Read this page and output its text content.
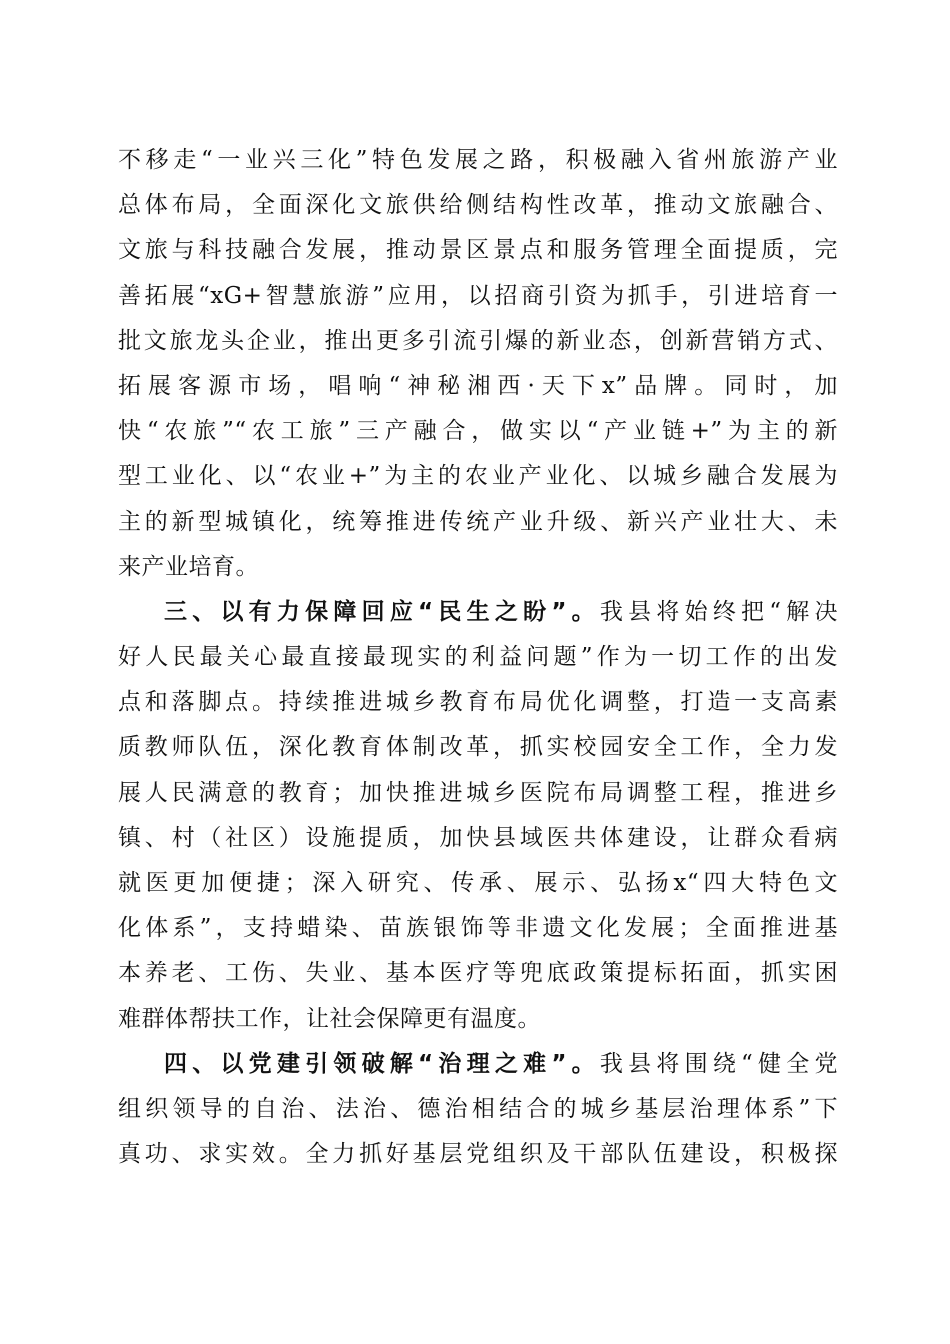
不移走“一业兴三化”特色发展之路，积极融入省州旅游产业
总体布局，全面深化文旅供给侧结构性改革，推动文旅融合、
文旅与科技融合发展，推动景区景点和服务管理全面提质，完
善拓展“xG+智慧旅游”应用，以招商引资为抓手，引进培育一
批文旅龙头企业，推出更多引流引爆的新业态，创新营销方式、
拓展客源市场，唱响“神秘湘西·天下x”品牌。同时，加
快“农旅”“农工旅”三产融合，做实以“产业链+”为主的新
型工业化、以“农业+”为主的农业产业化、以城乡融合发展为
主的新型城镇化，统筹推进传统产业升级、新兴产业壮大、未
来产业培育。
三、以有力保障回应“民生之盼”。我县将始终把“解决
好人民最关心最直接最现实的利益问题”作为一切工作的出发
点和落脚点。持续推进城乡教育布局优化调整，打造一支高素
质教师队伍，深化教育体制改革，抓实校园安全工作，全力发
展人民满意的教育；加快推进城乡医院布局调整工程，推进乡
镇、村（社区）设施提质，加快县域医共体建设，让群众看病
就医更加便捷；深入研究、传承、展示、弘扬x“四大特色文
化体系”，支持蜡染、苗族银饰等非遗文化发展；全面推进基
本养老、工伤、失业、基本医疗等兜底政策提标拓面，抓实困
难群体帮扶工作，让社会保障更有温度。
四、以党建引领破解“治理之难”。我县将围绕“健全党
组织领导的自治、法治、德治相结合的城乡基层治理体系”下
真功、求实效。全力抓好基层党组织及干部队伍建设，积极探
